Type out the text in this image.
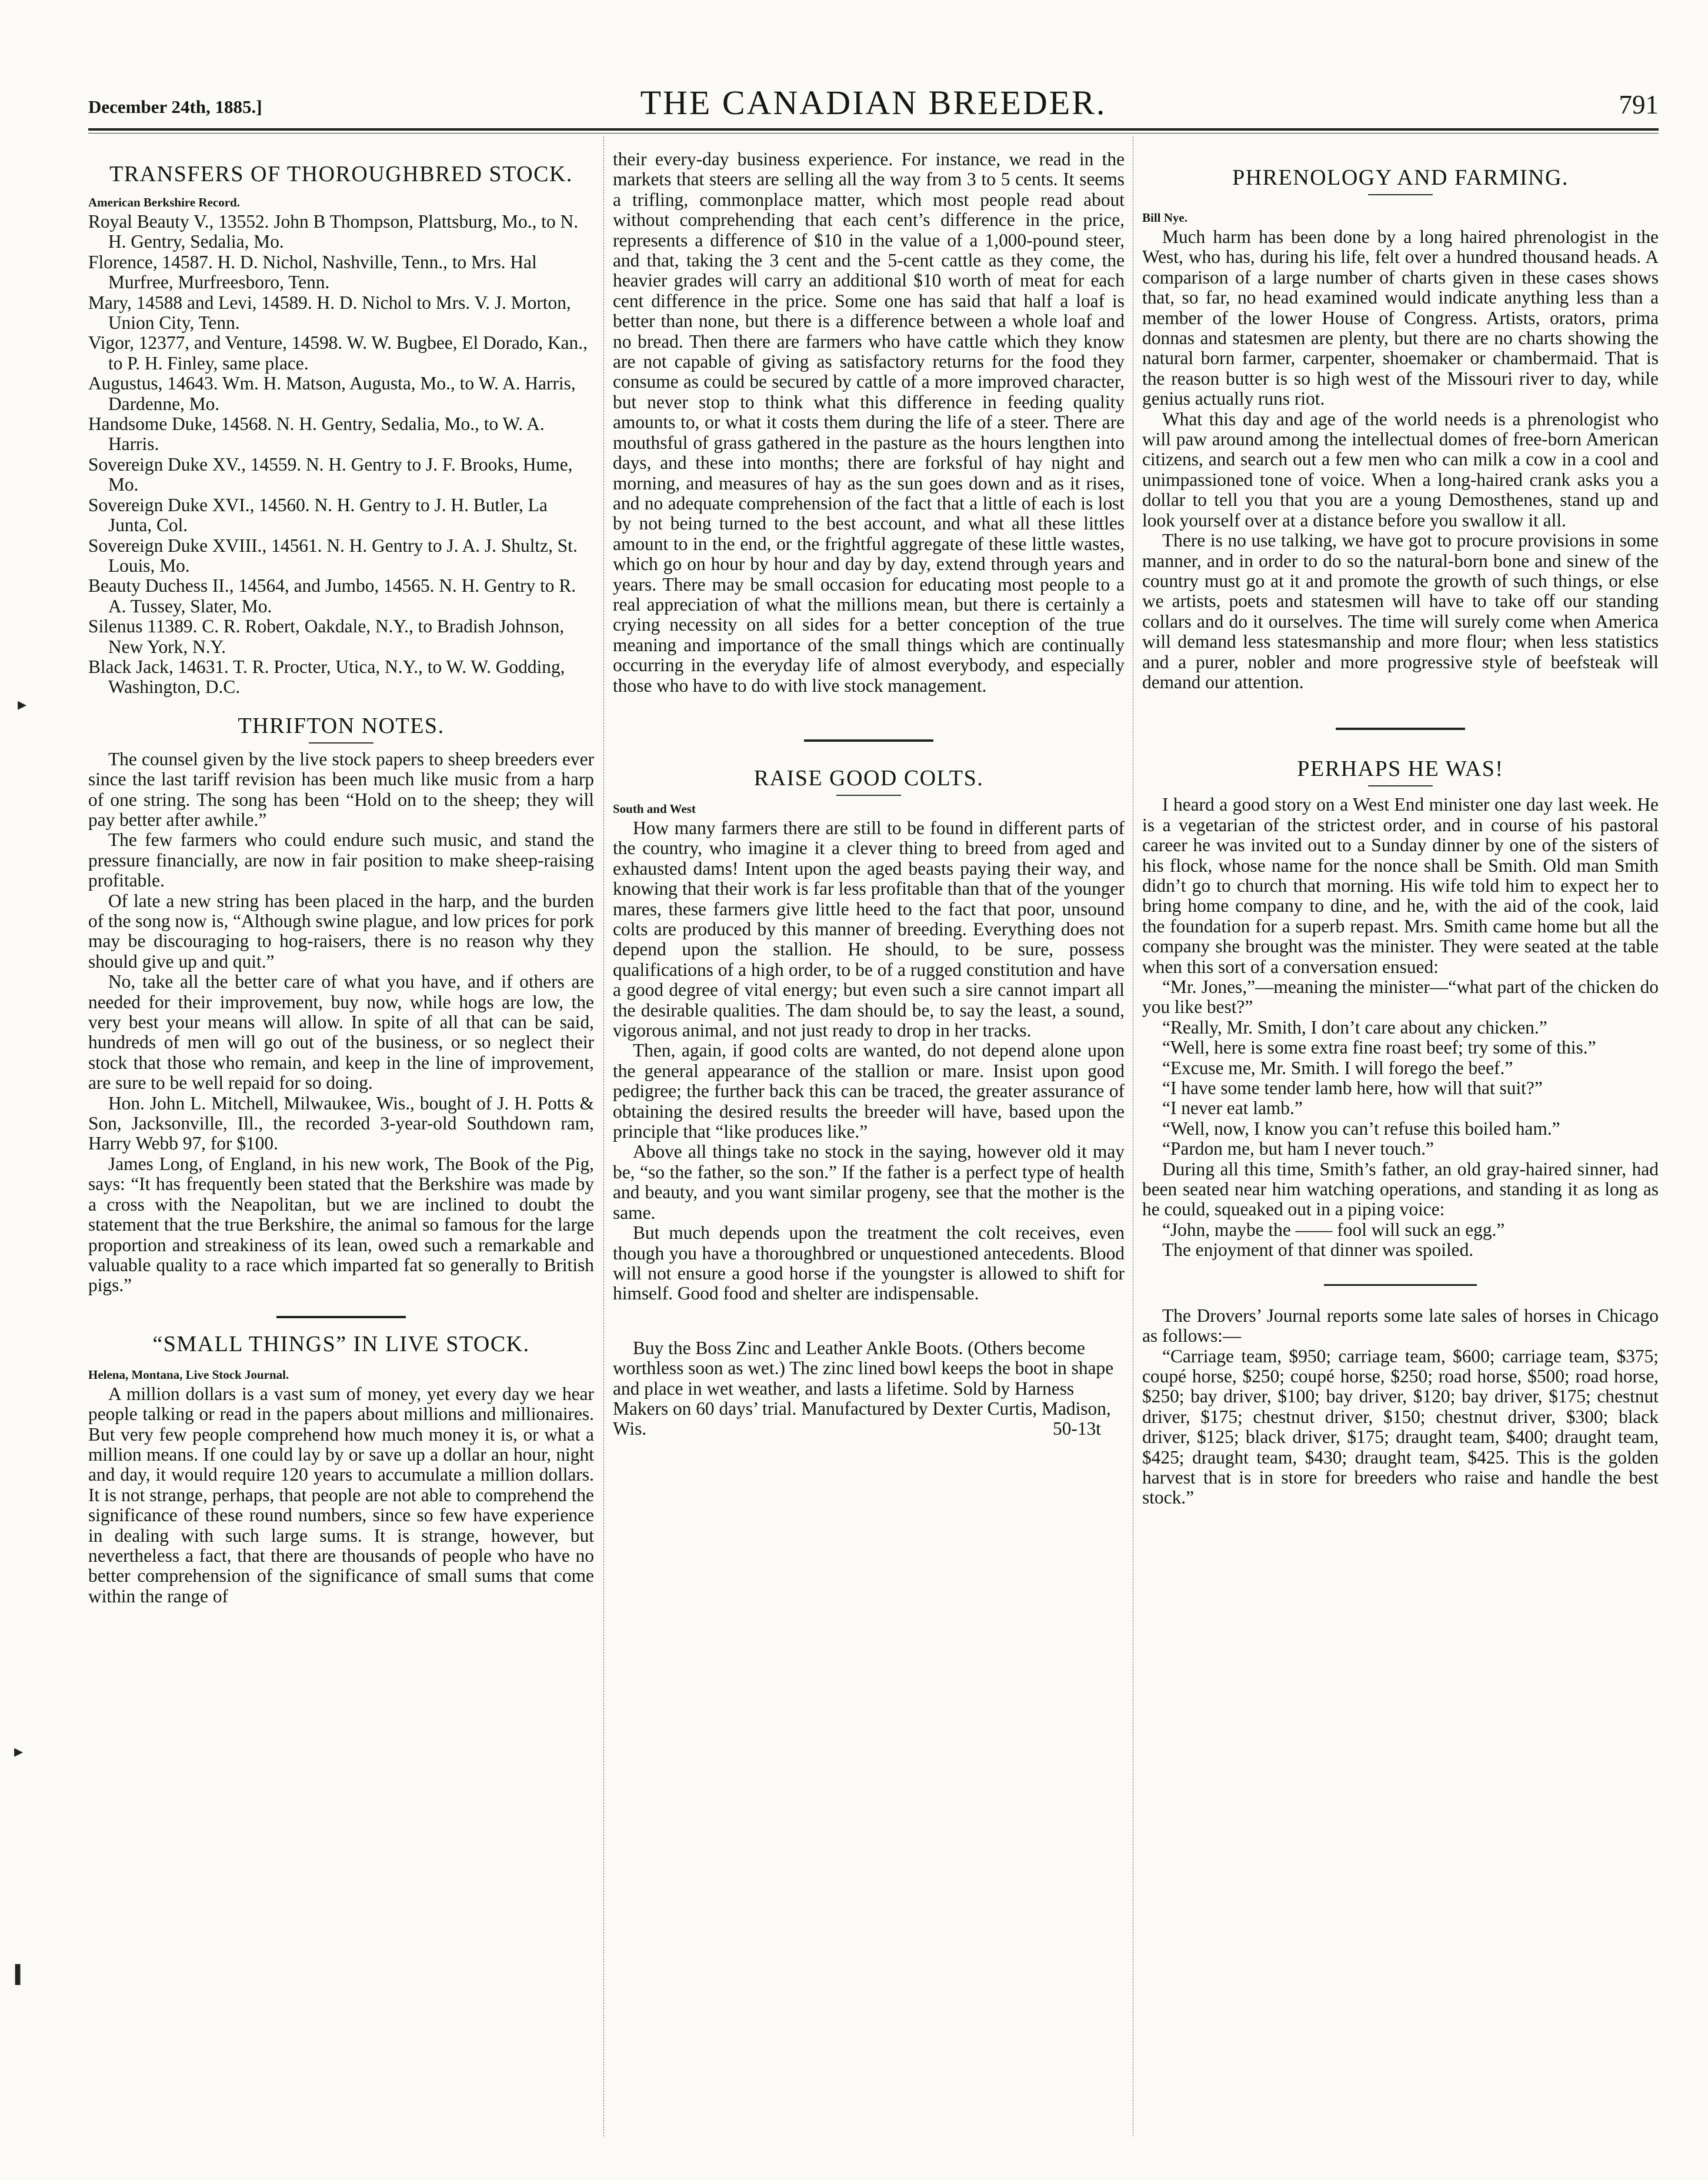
December 24th, 1885.]	THE CANADIAN BREEDER.	791
TRANSFERS OF THOROUGHBRED STOCK.
American Berkshire Record.
Royal Beauty V., 13552. John B Thompson, Plattsburg, Mo., to N. H. Gentry, Sedalia, Mo.
Florence, 14587. H. D. Nichol, Nashville, Tenn., to Mrs. Hal Murfree, Murfreesboro, Tenn.
Mary, 14588 and Levi, 14589. H. D. Nichol to Mrs. V. J. Morton, Union City, Tenn.
Vigor, 12377, and Venture, 14598. W. W. Bugbee, El Dorado, Kan., to P. H. Finley, same place.
Augustus, 14643. Wm. H. Matson, Augusta, Mo., to W. A. Harris, Dardenne, Mo.
Handsome Duke, 14568. N. H. Gentry, Sedalia, Mo., to W. A. Harris.
Sovereign Duke XV., 14559. N. H. Gentry to J. F. Brooks, Hume, Mo.
Sovereign Duke XVI., 14560. N. H. Gentry to J. H. Butler, La Junta, Col.
Sovereign Duke XVIII., 14561. N. H. Gentry to J. A. J. Shultz, St. Louis, Mo.
Beauty Duchess II., 14564, and Jumbo, 14565. N. H. Gentry to R. A. Tussey, Slater, Mo.
Silenus 11389. C. R. Robert, Oakdale, N.Y., to Bradish Johnson, New York, N.Y.
Black Jack, 14631. T. R. Procter, Utica, N.Y., to W. W. Godding, Washington, D.C.
THRIFTON NOTES.

The counsel given by the live stock papers to sheep breeders ever since the last tariff revision has been much like music from a harp of one string. The song has been “Hold on to the sheep; they will pay better after awhile.”

The few farmers who could endure such music, and stand the pressure financially, are now in fair position to make sheep-raising profitable.

Of late a new string has been placed in the harp, and the burden of the song now is, “Although swine plague, and low prices for pork may be discouraging to hog-raisers, there is no reason why they should give up and quit.”

No, take all the better care of what you have, and if others are needed for their improvement, buy now, while hogs are low, the very best your means will allow. In spite of all that can be said, hundreds of men will go out of the business, or so neglect their stock that those who remain, and keep in the line of improvement, are sure to be well repaid for so doing.

Hon. John L. Mitchell, Milwaukee, Wis., bought of J. H. Potts & Son, Jacksonville, Ill., the recorded 3-year-old Southdown ram, Harry Webb 97, for $100.

James Long, of England, in his new work, The Book of the Pig, says: “It has frequently been stated that the Berkshire was made by a cross with the Neapolitan, but we are inclined to doubt the statement that the true Berkshire, the animal so famous for the large proportion and streakiness of its lean, owed such a remarkable and valuable quality to a race which imparted fat so generally to British pigs.”

“SMALL THINGS” IN LIVE STOCK.
Helena, Montana, Live Stock Journal.

A million dollars is a vast sum of money, yet every day we hear people talking or read in the papers about millions and millionaires. But very few people comprehend how much money it is, or what a million means. If one could lay by or save up a dollar an hour, night and day, it would require 120 years to accumulate a million dollars. It is not strange, perhaps, that people are not able to comprehend the significance of these round numbers, since so few have experience in dealing with such large sums. It is strange, however, but nevertheless a fact, that there are thousands of people who have no better comprehension of the significance of small sums that come within the range of

their every-day business experience. For instance, we read in the markets that steers are selling all the way from 3 to 5 cents. It seems a trifling, commonplace matter, which most people read about without comprehending that each cent’s difference in the price, represents a difference of $10 in the value of a 1,000-pound steer, and that, taking the 3 cent and the 5-cent cattle as they come, the heavier grades will carry an additional $10 worth of meat for each cent difference in the price. Some one has said that half a loaf is better than none, but there is a difference between a whole loaf and no bread. Then there are farmers who have cattle which they know are not capable of giving as satisfactory returns for the food they consume as could be secured by cattle of a more improved character, but never stop to think what this difference in feeding quality amounts to, or what it costs them during the life of a steer. There are mouthsful of grass gathered in the pasture as the hours lengthen into days, and these into months; there are forksful of hay night and morning, and measures of hay as the sun goes down and as it rises, and no adequate comprehension of the fact that a little of each is lost by not being turned to the best account, and what all these littles amount to in the end, or the frightful aggregate of these little wastes, which go on hour by hour and day by day, extend through years and years. There may be small occasion for educating most people to a real appreciation of what the millions mean, but there is certainly a crying necessity on all sides for a better conception of the true meaning and importance of the small things which are continually occurring in the everyday life of almost everybody, and especially those who have to do with live stock management.

RAISE GOOD COLTS.
South and West

How many farmers there are still to be found in different parts of the country, who imagine it a clever thing to breed from aged and exhausted dams! Intent upon the aged beasts paying their way, and knowing that their work is far less profitable than that of the younger mares, these farmers give little heed to the fact that poor, unsound colts are produced by this manner of breeding. Everything does not depend upon the stallion. He should, to be sure, possess qualifications of a high order, to be of a rugged constitution and have a good degree of vital energy; but even such a sire cannot impart all the desirable qualities. The dam should be, to say the least, a sound, vigorous animal, and not just ready to drop in her tracks.

Then, again, if good colts are wanted, do not depend alone upon the general appearance of the stallion or mare. Insist upon good pedigree; the further back this can be traced, the greater assurance of obtaining the desired results the breeder will have, based upon the principle that “like produces like.”

Above all things take no stock in the saying, however old it may be, “so the father, so the son.” If the father is a perfect type of health and beauty, and you want similar progeny, see that the mother is the same.

But much depends upon the treatment the colt receives, even though you have a thoroughbred or unquestioned antecedents. Blood will not ensure a good horse if the youngster is allowed to shift for himself. Good food and shelter are indispensable.

Buy the Boss Zinc and Leather Ankle Boots. (Others become worthless soon as wet.) The zinc lined bowl keeps the boot in shape and place in wet weather, and lasts a lifetime. Sold by Harness Makers on 60 days’ trial. Manufactured by Dexter Curtis, Madison, Wis.	50-13t

PHRENOLOGY AND FARMING.
Bill Nye.

Much harm has been done by a long haired phrenologist in the West, who has, during his life, felt over a hundred thousand heads. A comparison of a large number of charts given in these cases shows that, so far, no head examined would indicate anything less than a member of the lower House of Congress. Artists, orators, prima donnas and statesmen are plenty, but there are no charts showing the natural born farmer, carpenter, shoemaker or chambermaid. That is the reason butter is so high west of the Missouri river to day, while genius actually runs riot.

What this day and age of the world needs is a phrenologist who will paw around among the intellectual domes of free-born American citizens, and search out a few men who can milk a cow in a cool and unimpassioned tone of voice. When a long-haired crank asks you a dollar to tell you that you are a young Demosthenes, stand up and look yourself over at a distance before you swallow it all.

There is no use talking, we have got to procure provisions in some manner, and in order to do so the natural-born bone and sinew of the country must go at it and promote the growth of such things, or else we artists, poets and statesmen will have to take off our standing collars and do it ourselves. The time will surely come when America will demand less statesmanship and more flour; when less statistics and a purer, nobler and more progressive style of beefsteak will demand our attention.

PERHAPS HE WAS!

I heard a good story on a West End minister one day last week. He is a vegetarian of the strictest order, and in course of his pastoral career he was invited out to a Sunday dinner by one of the sisters of his flock, whose name for the nonce shall be Smith. Old man Smith didn’t go to church that morning. His wife told him to expect her to bring home company to dine, and he, with the aid of the cook, laid the foundation for a superb repast. Mrs. Smith came home but all the company she brought was the minister. They were seated at the table when this sort of a conversation ensued:

“Mr. Jones,”—meaning the minister—“what part of the chicken do you like best?”

“Really, Mr. Smith, I don’t care about any chicken.”

“Well, here is some extra fine roast beef; try some of this.”

“Excuse me, Mr. Smith. I will forego the beef.”

“I have some tender lamb here, how will that suit?”

“I never eat lamb.”

“Well, now, I know you can’t refuse this boiled ham.”

“Pardon me, but ham I never touch.”

During all this time, Smith’s father, an old gray-haired sinner, had been seated near him watching operations, and standing it as long as he could, squeaked out in a piping voice:

“John, maybe the —— fool will suck an egg.”

The enjoyment of that dinner was spoiled.

The Drovers’ Journal reports some late sales of horses in Chicago as follows:—

“Carriage team, $950; carriage team, $600; carriage team, $375; coupé horse, $250; coupé horse, $250; road horse, $500; road horse, $250; bay driver, $100; bay driver, $120; bay driver, $175; chestnut driver, $175; chestnut driver, $150; chestnut driver, $300; black driver, $125; black driver, $175; draught team, $400; draught team, $425; draught team, $430; draught team, $425. This is the golden harvest that is in store for breeders who raise and handle the best stock.”

▸
▸
▍
